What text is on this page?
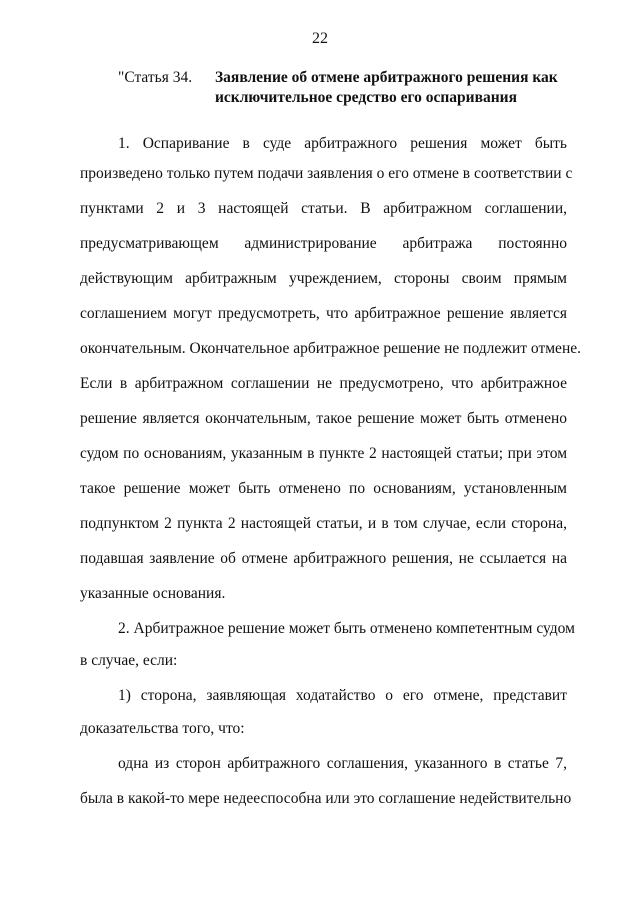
22
"Статья 34. Заявление об отмене арбитражного решения как
исключительное средство его оспаривания
1. Оспаривание в суде арбитражного решения может быть
произведено только путем подачи заявления о его отмене в соответствии с
пунктами 2 и 3 настоящей статьи. В арбитражном соглашении,
предусматривающем администрирование арбитража постоянно
действующим арбитражным учреждением, стороны своим прямым
соглашением могут предусмотреть, что арбитражное решение является
окончательным. Окончательное арбитражное решение не подлежит отмене.
Если в арбитражном соглашении не предусмотрено, что арбитражное
решение является окончательным, такое решение может быть отменено
судом по основаниям, указанным в пункте 2 настоящей статьи; при этом
такое решение может быть отменено по основаниям, установленным
подпунктом 2 пункта 2 настоящей статьи, и в том случае, если сторона,
подавшая заявление об отмене арбитражного решения, не ссылается на
указанные основания.
2. Арбитражное решение может быть отменено компетентным судом
в случае, если:
1) сторона, заявляющая ходатайство о его отмене, представит
доказательства того, что:
одна из сторон арбитражного соглашения, указанного в статье 7,
была в какой-то мере недееспособна или это соглашение недействительно
